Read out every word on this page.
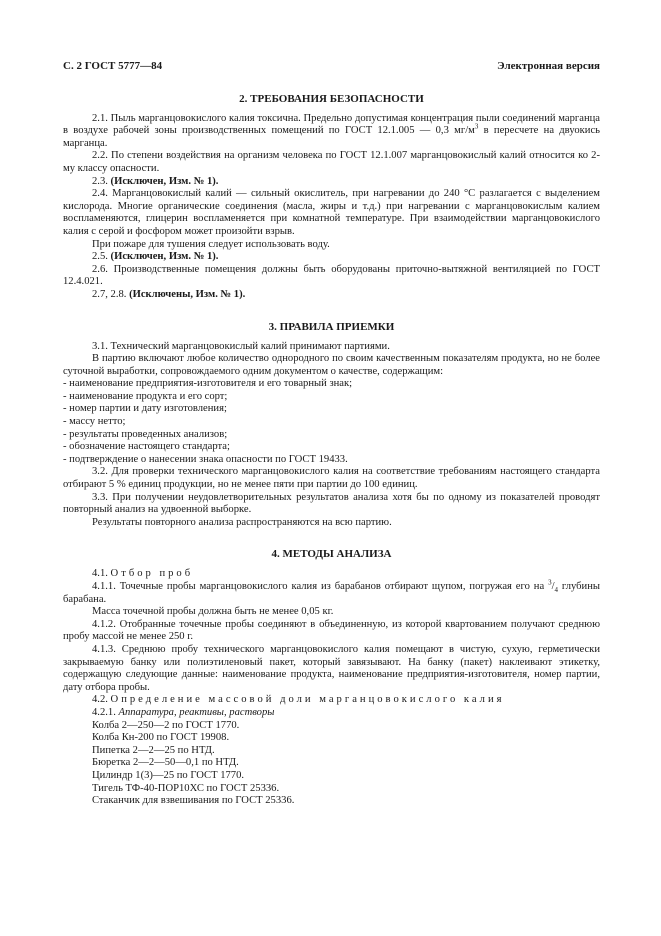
С. 2 ГОСТ 5777—84	Электронная версия
2. ТРЕБОВАНИЯ БЕЗОПАСНОСТИ

2.1. Пыль марганцовокислого калия токсична. Предельно допустимая концентрация пыли соединений марганца в воздухе рабочей зоны производственных помещений по ГОСТ 12.1.005 — 0,3 $мг/м^3$ в пересчете на двуокись марганца.

2.2. По степени воздействия на организм человека по ГОСТ 12.1.007 марганцовокислый калий относится ко 2-му классу опасности.

2.3. (Исключен, Изм. № 1).

2.4. Марганцовокислый калий — сильный окислитель, при нагревании до 240 °С разлагается с выделением кислорода. Многие органические соединения (масла, жиры и т.д.) при нагревании с марганцовокислым калием воспламеняются, глицерин воспламеняется при комнатной температуре. При взаимодействии марганцовокислого калия с серой и фосфором может произойти взрыв.

При пожаре для тушения следует использовать воду.

2.5. (Исключен, Изм. № 1).

2.6. Производственные помещения должны быть оборудованы приточно-вытяжной вентиляцией по ГОСТ 12.4.021.

2.7, 2.8. (Исключены, Изм. № 1).

3. ПРАВИЛА ПРИЕМКИ

3.1. Технический марганцовокислый калий принимают партиями.

В партию включают любое количество однородного по своим качественным показателям продукта, но не более суточной выработки, сопровождаемого одним документом о качестве, содержащим:

- наименование предприятия-изготовителя и его товарный знак;

- наименование продукта и его сорт;

- номер партии и дату изготовления;

- массу нетто;

- результаты проведенных анализов;

- обозначение настоящего стандарта;

- подтверждение о нанесении знака опасности по ГОСТ 19433.

3.2. Для проверки технического марганцовокислого калия на соответствие требованиям настоящего стандарта отбирают 5 % единиц продукции, но не менее пяти при партии до 100 единиц.

3.3. При получении неудовлетворительных результатов анализа хотя бы по одному из показателей проводят повторный анализ на удвоенной выборке.

Результаты повторного анализа распространяются на всю партию.

4. МЕТОДЫ АНАЛИЗА

4.1. Отбор проб

4.1.1. Точечные пробы марганцовокислого калия из барабанов отбирают щупом, погружая его на $^3/_4$ глубины барабана.

Масса точечной пробы должна быть не менее 0,05 кг.

4.1.2. Отобранные точечные пробы соединяют в объединенную, из которой квартованием получают среднюю пробу массой не менее 250 г.

4.1.3. Среднюю пробу технического марганцовокислого калия помещают в чистую, сухую, герметически закрываемую банку или полиэтиленовый пакет, который завязывают. На банку (пакет) наклеивают этикетку, содержащую следующие данные: наименование продукта, наименование предприятия-изготовителя, номер партии, дату отбора пробы.

4.2. Определение массовой доли марганцовокислого калия

4.2.1. Аппаратура, реактивы, растворы

Колба 2—250—2 по ГОСТ 1770.

Колба Кн-200 по ГОСТ 19908.

Пипетка 2—2—25 по НТД.

Бюретка 2—2—50—0,1 по НТД.

Цилиндр 1(3)—25 по ГОСТ 1770.

Тигель ТФ-40-ПОР10ХС по ГОСТ 25336.

Стаканчик для взвешивания по ГОСТ 25336.
